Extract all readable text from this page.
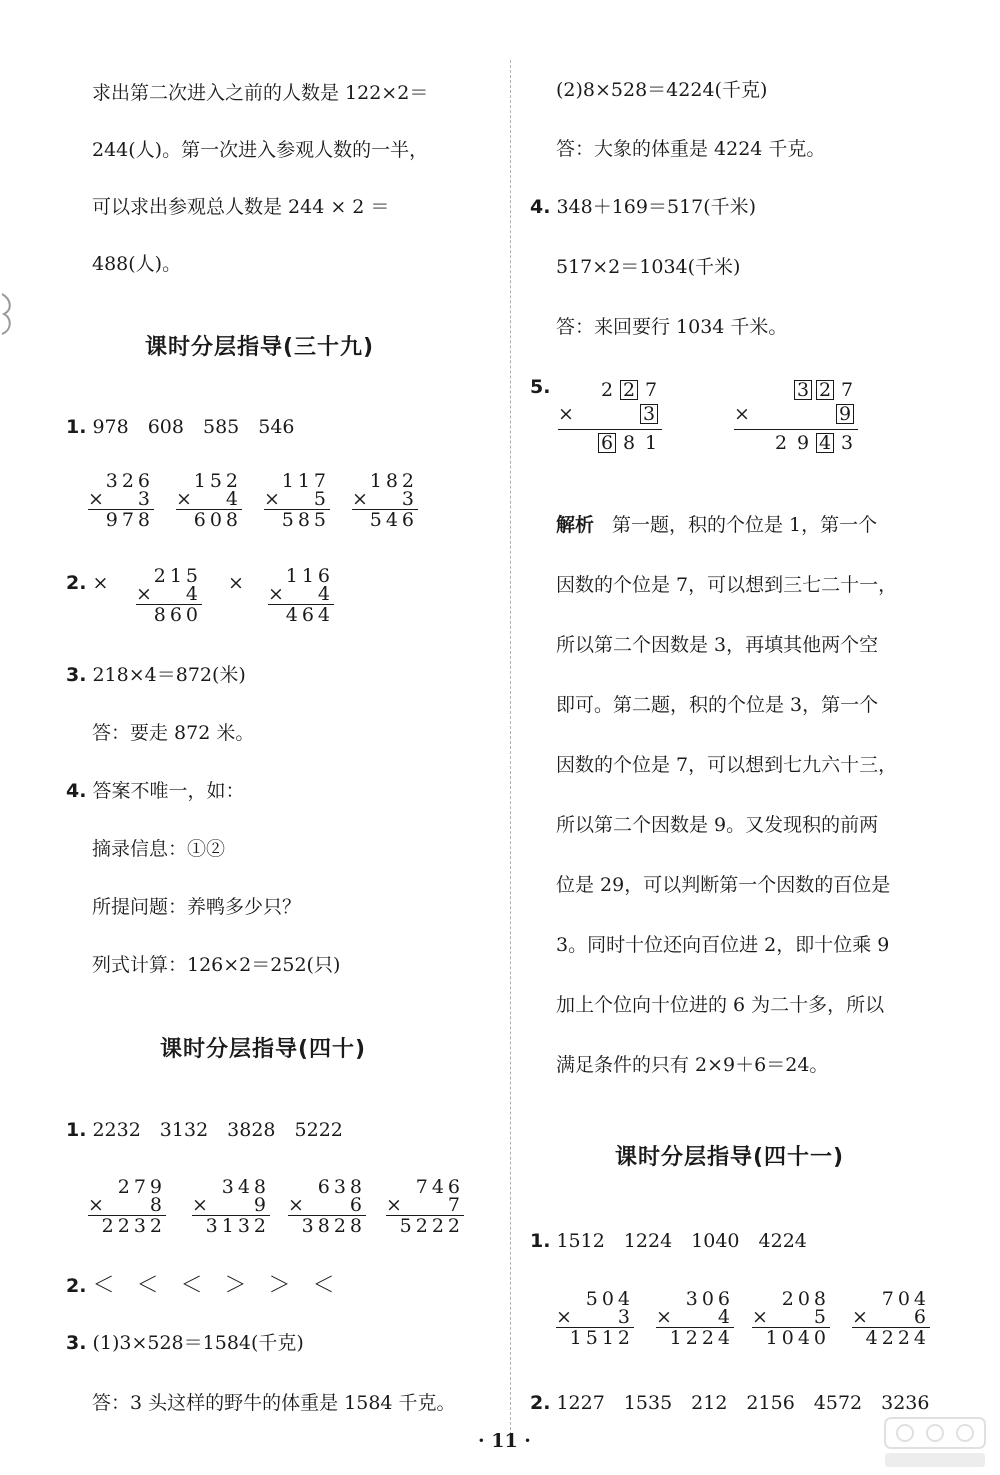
求出第二次进入之前的人数是 122×2＝
244(人)。第一次进入参观人数的一半，
可以求出参观总人数是 244 × 2 ＝
488(人)。
课时分层指导(三十九)
1. 978　608　585　546
326
× 3
978
152
× 4
608
117
× 5
585
182
× 3
546
2. ×	×
215
× 4
860
116
× 4
464
3. 218×4＝872(米)
答：要走 872 米。
4. 答案不唯一，如：
摘录信息：①②
所提问题：养鸭多少只？
列式计算：126×2＝252(只)
课时分层指导(四十)
1. 2232　3132　3828　5222
279
× 8
2232
348
× 9
3132
638
× 6
3828
746
× 7
5222
2. ＜　＜　＜　＞　＞　＜
3. (1)3×528＝1584(千克)
答：3 头这样的野牛的体重是 1584 千克。
(2)8×528＝4224(千克)
答：大象的体重是 4224 千克。
4. 348＋169＝517(千米)
517×2＝1034(千米)
答：来回要行 1034 千米。
5.	2 2 7
×	3
6 8 1
3 2 7
×	9
2 9 4 3
解析 第一题，积的个位是 1，第一个
因数的个位是 7，可以想到三七二十一，
所以第二个因数是 3，再填其他两个空
即可。第二题，积的个位是 3，第一个
因数的个位是 7，可以想到七九六十三，
所以第二个因数是 9。又发现积的前两
位是 29，可以判断第一个因数的百位是
3。同时十位还向百位进 2，即十位乘 9
加上个位向十位进的 6 为二十多，所以
满足条件的只有 2×9＋6＝24。
课时分层指导(四十一)
1. 1512　1224　1040　4224
504
× 3
1512
306
× 4
1224
208
× 5
1040
704
× 6
4224
2. 1227　1535　212　2156　4572　3236
· 11 ·
